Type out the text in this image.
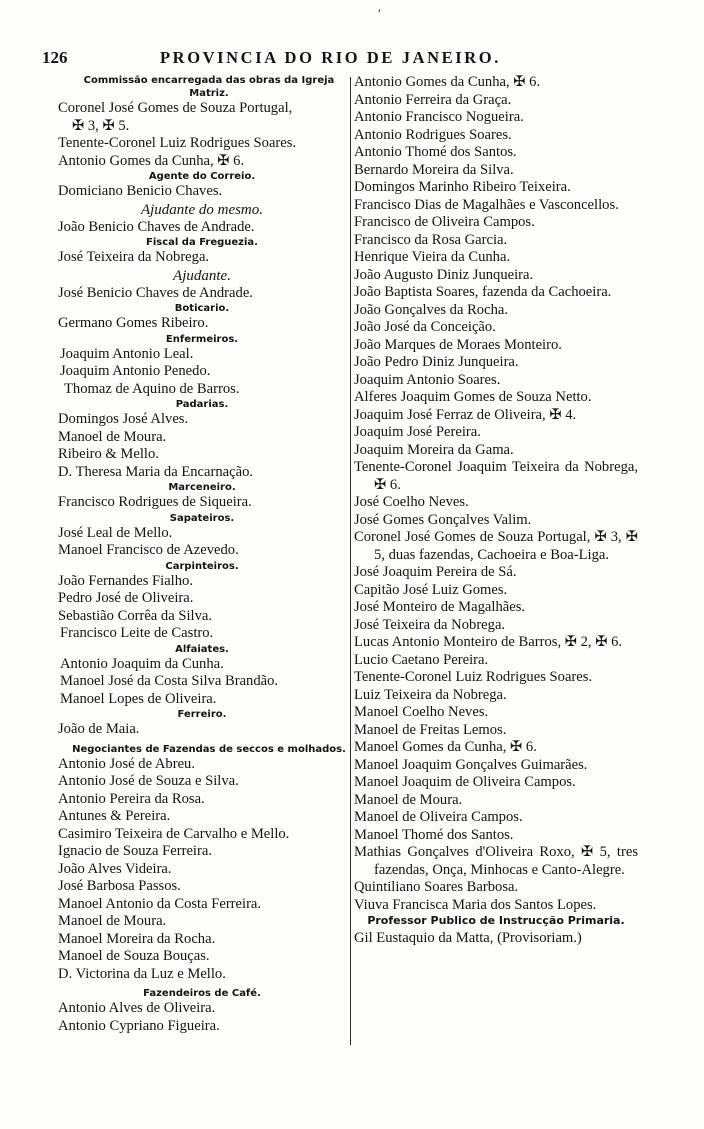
′
126	PROVINCIA DO RIO DE JANEIRO.
Commissão encarregada das obras da Igreja Matriz.
Coronel José Gomes de Souza Portugal,
✠ 3, ✠ 5.
Tenente-Coronel Luiz Rodrigues Soares.
Antonio Gomes da Cunha, ✠ 6.
Agente do Correio.
Domiciano Benicio Chaves.
Ajudante do mesmo.
João Benicio Chaves de Andrade.
Fiscal da Freguezia.
José Teixeira da Nobrega.
Ajudante.
José Benicio Chaves de Andrade.
Boticario.
Germano Gomes Ribeiro.
Enfermeiros.
Joaquim Antonio Leal.
Joaquim Antonio Penedo.
Thomaz de Aquino de Barros.
Padarias.
Domingos José Alves.
Manoel de Moura.
Ribeiro & Mello.
D. Theresa Maria da Encarnação.
Marceneiro.
Francisco Rodrigues de Siqueira.
Sapateiros.
José Leal de Mello.
Manoel Francisco de Azevedo.
Carpinteiros.
João Fernandes Fialho.
Pedro José de Oliveira.
Sebastião Corrêa da Silva.
Francisco Leite de Castro.
Alfaiates.
Antonio Joaquim da Cunha.
Manoel José da Costa Silva Brandão.
Manoel Lopes de Oliveira.
Ferreiro.
João de Maia.
Negociantes de Fazendas de seccos e molhados.
Antonio José de Abreu.
Antonio José de Souza e Silva.
Antonio Pereira da Rosa.
Antunes & Pereira.
Casimiro Teixeira de Carvalho e Mello.
Ignacio de Souza Ferreira.
João Alves Videira.
José Barbosa Passos.
Manoel Antonio da Costa Ferreira.
Manoel de Moura.
Manoel Moreira da Rocha.
Manoel de Souza Bouças.
D. Victorina da Luz e Mello.
Fazendeiros de Café.
Antonio Alves de Oliveira.
Antonio Cypriano Figueira.
Antonio Gomes da Cunha, ✠ 6.
Antonio Ferreira da Graça.
Antonio Francisco Nogueira.
Antonio Rodrigues Soares.
Antonio Thomé dos Santos.
Bernardo Moreira da Silva.
Domingos Marinho Ribeiro Teixeira.
Francisco Dias de Magalhães e Vasconcellos.
Francisco de Oliveira Campos.
Francisco da Rosa Garcia.
Henrique Vieira da Cunha.
João Augusto Diniz Junqueira.
João Baptista Soares, fazenda da Cachoeira.
João Gonçalves da Rocha.
João José da Conceição.
João Marques de Moraes Monteiro.
João Pedro Diniz Junqueira.
Joaquim Antonio Soares.
Alferes Joaquim Gomes de Souza Netto.
Joaquim José Ferraz de Oliveira, ✠ 4.
Joaquim José Pereira.
Joaquim Moreira da Gama.
Tenente-Coronel Joaquim Teixeira da Nobrega, ✠ 6.
José Coelho Neves.
José Gomes Gonçalves Valim.
Coronel José Gomes de Souza Portugal, ✠ 3, ✠ 5, duas fazendas, Cachoeira e Boa-Liga.
José Joaquim Pereira de Sá.
Capitão José Luiz Gomes.
José Monteiro de Magalhães.
José Teixeira da Nobrega.
Lucas Antonio Monteiro de Barros, ✠ 2, ✠ 6.
Lucio Caetano Pereira.
Tenente-Coronel Luiz Rodrigues Soares.
Luiz Teixeira da Nobrega.
Manoel Coelho Neves.
Manoel de Freitas Lemos.
Manoel Gomes da Cunha, ✠ 6.
Manoel Joaquim Gonçalves Guimarães.
Manoel Joaquim de Oliveira Campos.
Manoel de Moura.
Manoel de Oliveira Campos.
Manoel Thomé dos Santos.
Mathias Gonçalves d'Oliveira Roxo, ✠ 5, tres fazendas, Onça, Minhocas e Canto-Alegre.
Quintiliano Soares Barbosa.
Viuva Francisca Maria dos Santos Lopes.
Professor Publico de Instrucção Primaria.
Gil Eustaquio da Matta, (Provisoriam.)
